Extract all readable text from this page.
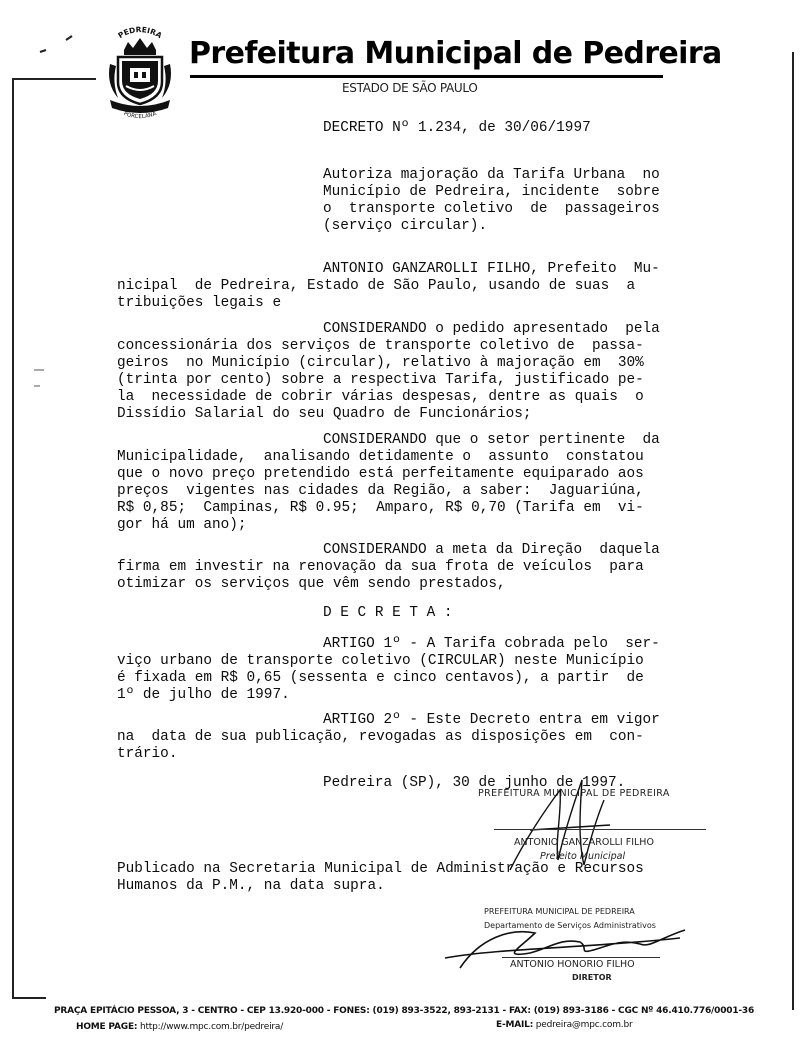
PEDREIRA
PORCELANA
Prefeitura Municipal de Pedreira
ESTADO DE SÃO PAULO

DECRETO Nº 1.234, de 30/06/1997

Autoriza majoração da Tarifa Urbana  no

Município de Pedreira, incidente  sobre

o  transporte coletivo  de  passageiros

(serviço circular).

ANTONIO GANZAROLLI FILHO, Prefeito  Mu-

nicipal  de Pedreira, Estado de São Paulo, usando de suas  a

tribuições legais e

CONSIDERANDO o pedido apresentado  pela

concessionária dos serviços de transporte coletivo de  passa-

geiros  no Município (circular), relativo à majoração em  30%

(trinta por cento) sobre a respectiva Tarifa, justificado pe-

la  necessidade de cobrir várias despesas, dentre as quais  o

Dissídio Salarial do seu Quadro de Funcionários;

CONSIDERANDO que o setor pertinente  da

Municipalidade,  analisando detidamente o  assunto  constatou

que o novo preço pretendido está perfeitamente equiparado aos

preços  vigentes nas cidades da Região, a saber:  Jaguariúna,

R$ 0,85;  Campinas, R$ 0.95;  Amparo, R$ 0,70 (Tarifa em  vi-

gor há um ano);

CONSIDERANDO a meta da Direção  daquela

firma em investir na renovação da sua frota de veículos  para

otimizar os serviços que vêm sendo prestados,

D E C R E T A :

ARTIGO 1º - A Tarifa cobrada pelo  ser-

viço urbano de transporte coletivo (CIRCULAR) neste Município

é fixada em R$ 0,65 (sessenta e cinco centavos), a partir  de

1º de julho de 1997.

ARTIGO 2º - Este Decreto entra em vigor

na  data de sua publicação, revogadas as disposições em  con-

trário.

Pedreira (SP), 30 de junho de 1997.

PREFEITURA MUNICIPAL DE PEDREIRA

ANTONIO GANZAROLLI FILHO

Prefeito Municipal

Publicado na Secretaria Municipal de Administração e Recursos

Humanos da P.M., na data supra.

PREFEITURA MUNICIPAL DE PEDREIRA

Departamento de Serviços Administrativos

ANTONIO HONORIO FILHO

DIRETOR

PRAÇA EPITÁCIO PESSOA, 3 - CENTRO - CEP 13.920-000 - FONES: (019) 893-3522, 893-2131 - FAX: (019) 893-3186 - CGC Nº 46.410.776/0001-36

HOME PAGE: http://www.mpc.com.br/pedreira/	E-MAIL: pedreira@mpc.com.br
